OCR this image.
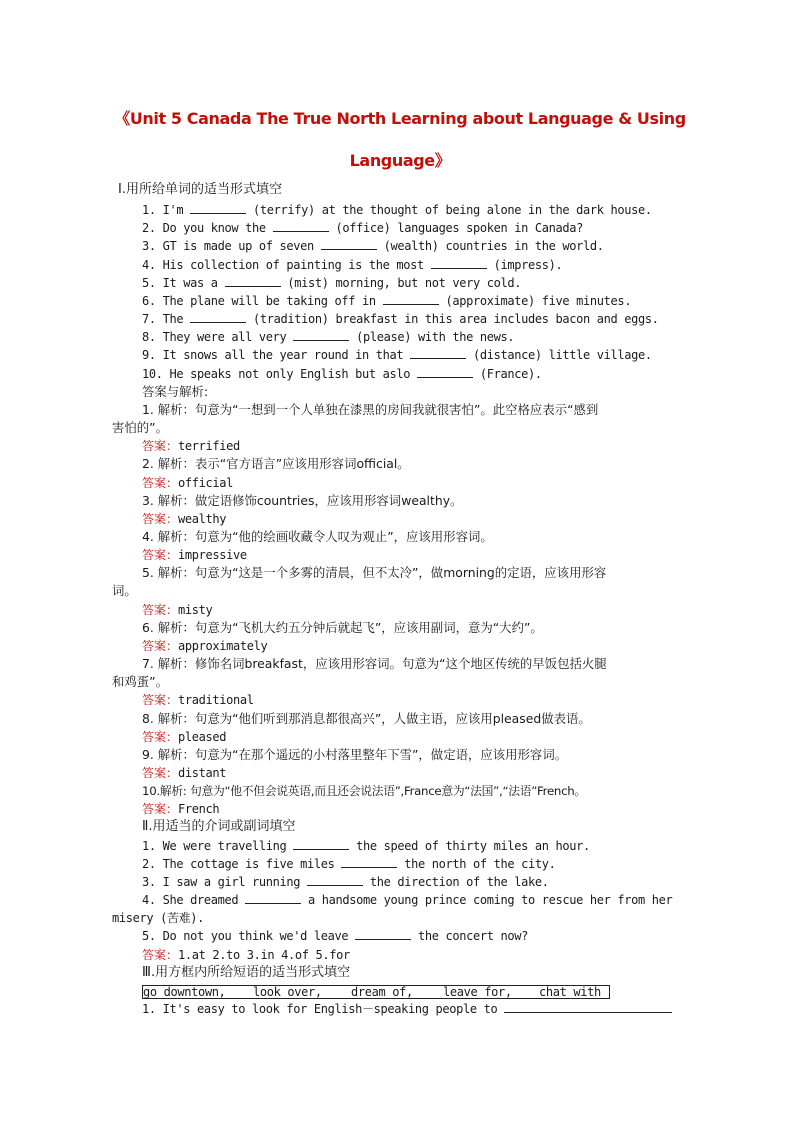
《Unit 5 Canada The True North Learning about Language & Using
Language》
Ⅰ.用所给单词的适当形式填空
1. I'm	(terrify) at the thought of being alone in the dark house.
2. Do you know the	(office) languages spoken in Canada?
3. GT is made up of seven	(wealth) countries in the world.
4. His collection of painting is the most	(impress).
5. It was a	(mist) morning, but not very cold.
6. The plane will be taking off in	(approximate) five minutes.
7. The	(tradition) breakfast in this area includes bacon and eggs.
8. They were all very	(please) with the news.
9. It snows all the year round in that	(distance) little village.
10. He speaks not only English but aslo	(France).
答案与解析:
1. 解析：句意为“一想到一个人单独在漆黑的房间我就很害怕”。此空格应表示“感到
害怕的”。
答案：terrified
2. 解析：表示“官方语言”应该用形容词official。
答案：official
3. 解析：做定语修饰countries，应该用形容词wealthy。
答案：wealthy
4. 解析：句意为“他的绘画收藏令人叹为观止”，应该用形容词。
答案：impressive
5. 解析：句意为“这是一个多雾的清晨，但不太冷”，做morning的定语，应该用形容
词。
答案：misty
6. 解析：句意为“飞机大约五分钟后就起飞”，应该用副词，意为“大约”。
答案：approximately
7. 解析：修饰名词breakfast，应该用形容词。句意为“这个地区传统的早饭包括火腿
和鸡蛋”。
答案：traditional
8. 解析：句意为“他们听到那消息都很高兴”，人做主语，应该用pleased做表语。
答案：pleased
9. 解析：句意为“在那个遥远的小村落里整年下雪”，做定语，应该用形容词。
答案：distant
10.解析: 句意为“他不但会说英语,而且还会说法语”,France意为“法国”,“法语”French。
答案：French
Ⅱ.用适当的介词或副词填空
1. We were travelling	the speed of thirty miles an hour.
2. The cottage is five miles	the north of the city.
3. I saw a girl running	the direction of the lake.
4. She dreamed	a handsome young prince coming to rescue her from her
misery (苦难).
5. Do not you think we'd leave	the concert now?
答案：1.at 2.to 3.in 4.of 5.for
Ⅲ.用方框内所给短语的适当形式填空
go downtown, look over, dream of,	leave for, chat with
1. It's easy to look for English－speaking people to
